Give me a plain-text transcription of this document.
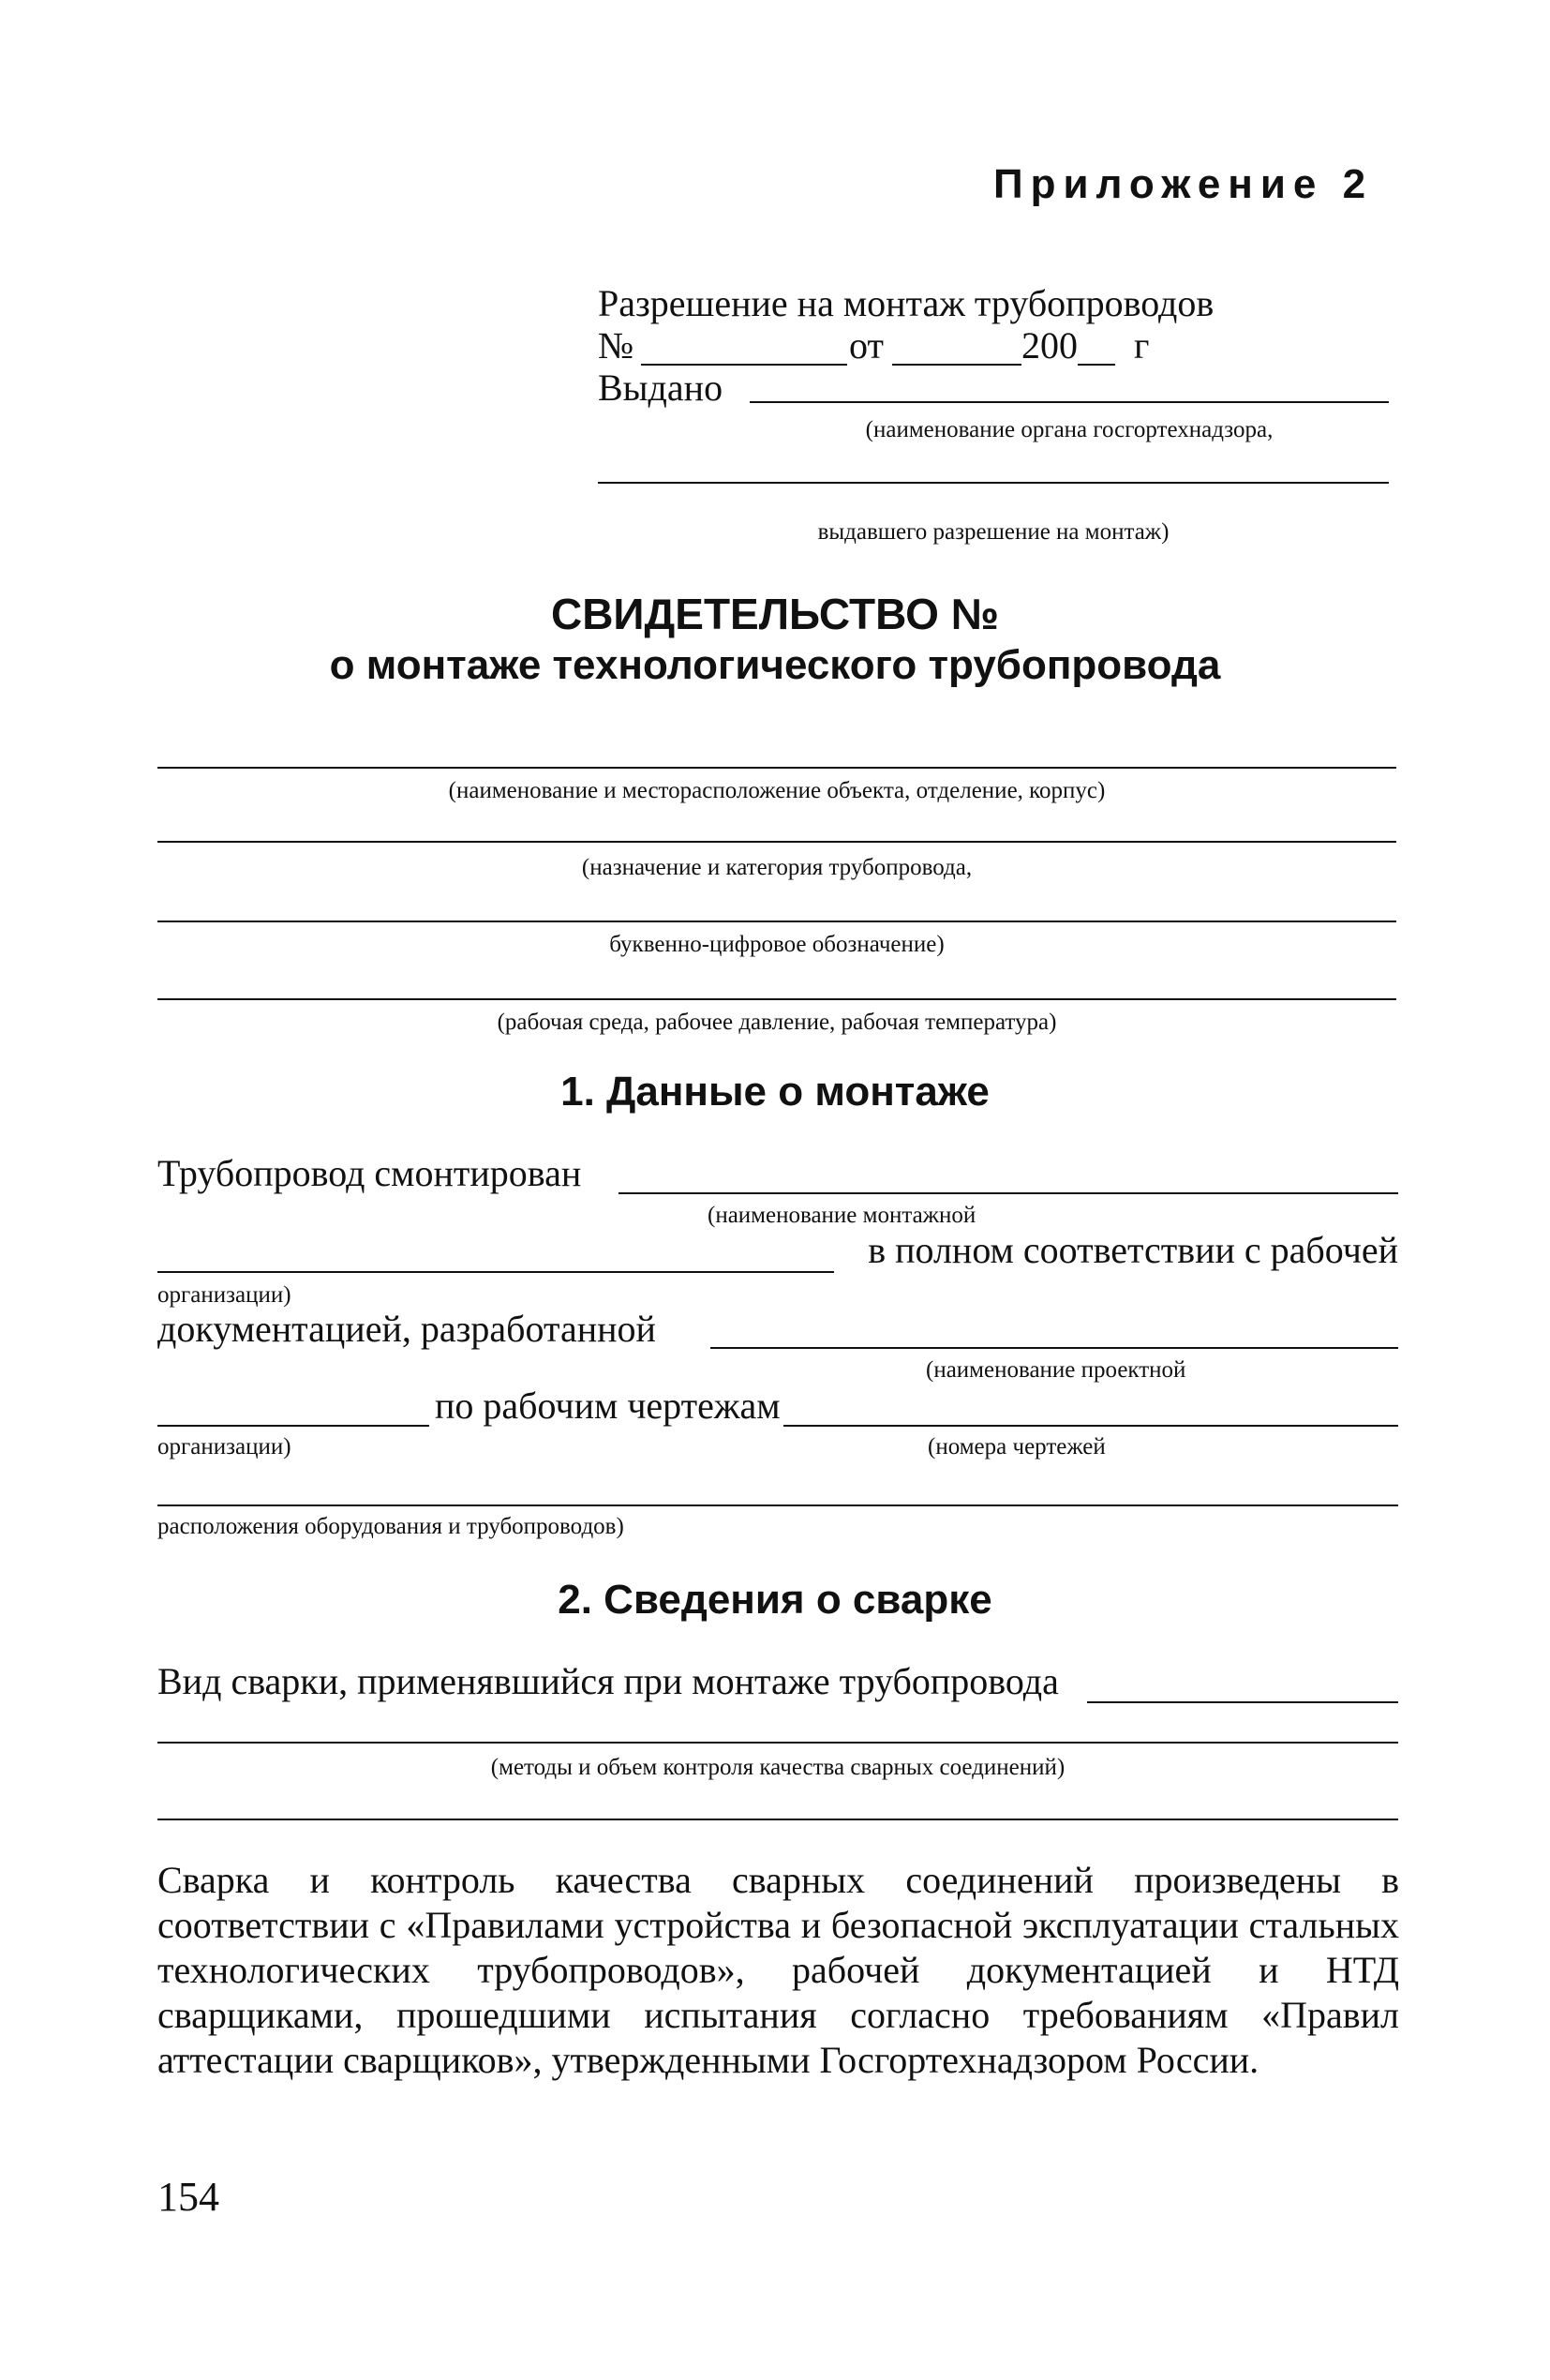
Приложение 2
Разрешение на монтаж трубопроводов
№	от	200 г
Выдано
(наименование органа госгортехнадзора,
выдавшего разрешение на монтаж)
СВИДЕТЕЛЬСТВО №
о монтаже технологического трубопровода
(наименование и месторасположение объекта, отделение, корпус)
(назначение и категория трубопровода,
буквенно-цифровое обозначение)
(рабочая среда, рабочее давление, рабочая температура)
1. Данные о монтаже
Трубопровод смонтирован
(наименование монтажной
в полном соответствии с рабочей
организации)
документацией, разработанной
(наименование проектной
по рабочим чертежам
организации)	(номера чертежей
расположения оборудования и трубопроводов)
2. Сведения о сварке
Вид сварки, применявшийся при монтаже трубопровода
(методы и объем контроля качества сварных соединений)
Сварка и контроль качества сварных соединений произведены в соответствии с «Правилами устройства и безопасной эксплуатации стальных технологических трубопроводов», рабочей документацией и НТД сварщиками, прошедшими испытания согласно требованиям «Правил аттестации сварщиков», утвержденными Госгортехнадзором России.
154
